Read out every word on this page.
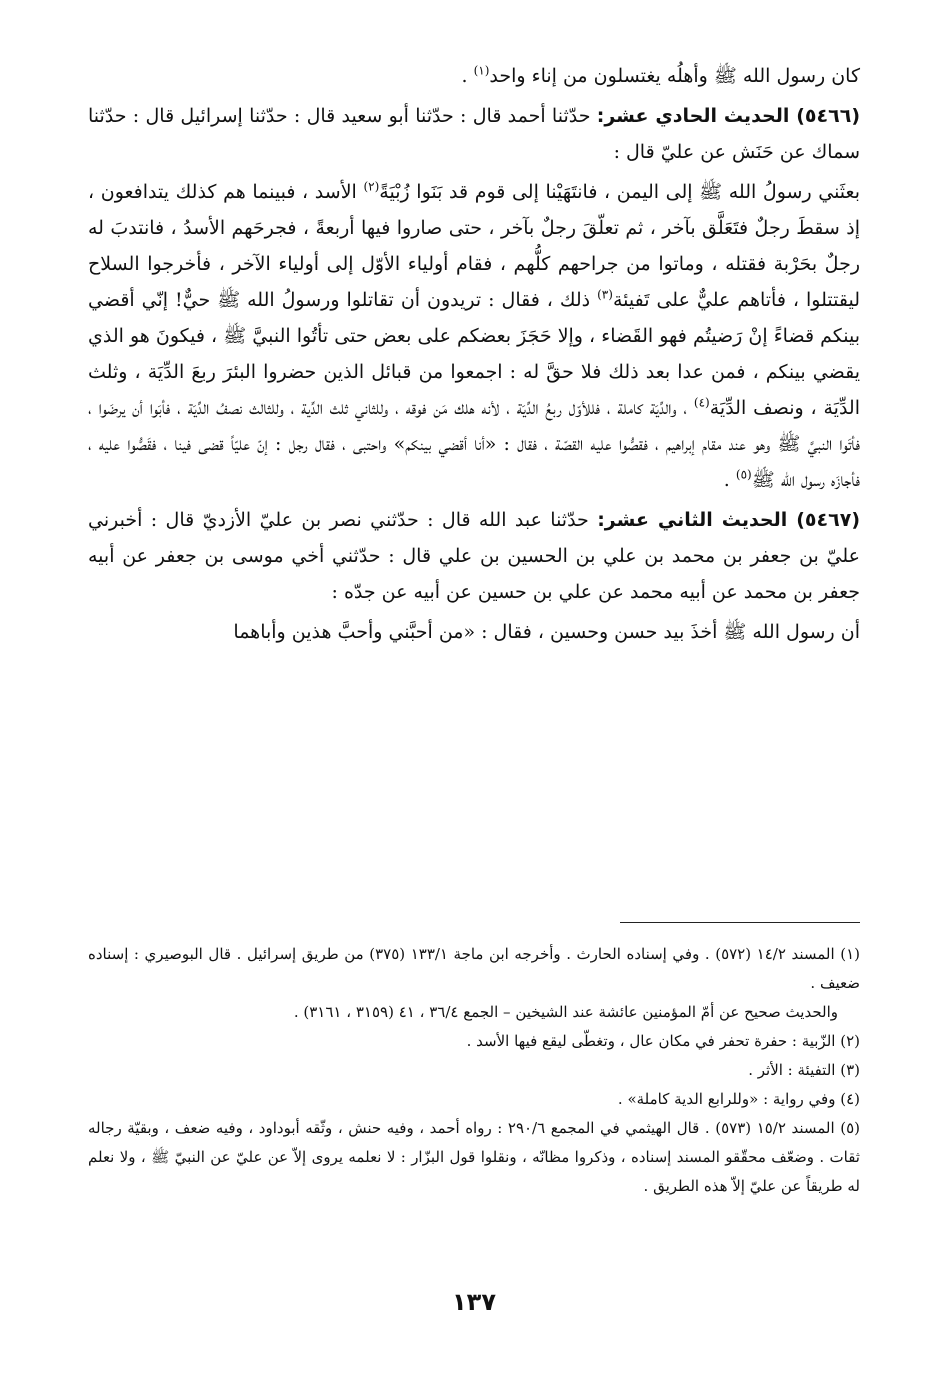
كان رسول الله ﷺ وأهلُه يغتسلون من إناء واحد$^{(١)}$ .

(٥٤٦٦) الحديث الحادي عشر: حدّثنا أحمد قال : حدّثنا أبو سعيد قال : حدّثنا إسرائيل قال : حدّثنا سماك عن حَنَش عن عليّ قال :

بعثَني رسولُ الله ﷺ إلى اليمن ، فانتَهَيْنا إلى قوم قد بَنَوا زُبْيَةً$^{(٢)}$ الأسد ، فبينما هم كذلك يتدافعون ، إذ سقطَ رجلٌ فتَعَلَّق بآخر ، ثم تعلّقَ رجلٌ بآخر ، حتى صاروا فيها أربعةً ، فجرحَهم الأسدُ ، فانتدبَ له رجلٌ بحَرْبة فقتله ، وماتوا من جراحهم كلُّهم ، فقام أولياء الأوّل إلى أولياء الآخر ، فأخرجوا السلاح ليقتتلوا ، فأتاهم عليٌّ على تَفيئة$^{(٣)}$ ذلك ، فقال : تريدون أن تقاتلوا ورسولُ الله ﷺ حيٌّ! إنّي أقضي بينكم قضاءً إنْ رَضيتُم فهو القَضاء ، وإلا حَجَزَ بعضكم على بعض حتى تأتُوا النبيَّ ﷺ ، فيكونَ هو الذي يقضي بينكم ، فمن عدا بعد ذلك فلا حقَّ له : اجمعوا من قبائل الذين حضروا البئرَ ربعَ الدِّيَة ، وثلث الدِّيَة ، ونصف الدِّيَة$^{(٤)}$ ، والدِّيَة كاملة ، فللأوّل ربعُ الدِّيَة ، لأنه هلك مَن فوقه ، وللثاني ثلث الدِّية ، وللثالث نصفُ الدِّيَة ، فأبَوا أن يرضَوا ، فأتَوا النبيَّ ﷺ وهو عند مقام إبراهيم ، فقصُّوا عليه القصّة ، فقال : «أنا أقضي بينكم» واحتبى ، فقال رجل : إنّ عليّاً قضى فينا ، فقَصُّوا عليه ، فأجازَه رسول الله ﷺ$^{(٥)}$ .

(٥٤٦٧) الحديث الثاني عشر: حدّثنا عبد الله قال : حدّثني نصر بن عليّ الأزديّ قال : أخبرني عليّ بن جعفر بن محمد بن علي بن الحسين بن علي قال : حدّثني أخي موسى بن جعفر عن أبيه جعفر بن محمد عن أبيه محمد عن علي بن حسين عن أبيه عن جدّه :

أن رسول الله ﷺ أخذَ بيد حسن وحسين ، فقال : «من أحبَّني وأحبَّ هذين وأباهما

(١) المسند ١٤/٢ (٥٧٢) . وفي إسناده الحارث . وأخرجه ابن ماجة ١٣٣/١ (٣٧٥) من طريق إسرائيل . قال البوصيري : إسناده ضعيف .

والحديث صحيح عن أمّ المؤمنين عائشة عند الشيخين – الجمع ٣٦/٤ ، ٤١ (٣١٥٩ ، ٣١٦١) .

(٢) الزّبية : حفرة تحفر في مكان عال ، وتغطّى ليقع فيها الأسد .

(٣) التفيئة : الأثر .

(٤) وفي رواية : «وللرابع الدية كاملة» .

(٥) المسند ١٥/٢ (٥٧٣) . قال الهيثمي في المجمع ٢٩٠/٦ : رواه أحمد ، وفيه حنش ، وثّقه أبوداود ، وفيه ضعف ، وبقيّة رجاله ثقات . وضعّف محقّقو المسند إسناده ، وذكروا مظانّه ، ونقلوا قول البزّار : لا نعلمه يروى إلاّ عن عليّ عن النبيّ ﷺ ، ولا نعلم له طريقاً عن عليّ إلاّ هذه الطريق .

١٣٧
